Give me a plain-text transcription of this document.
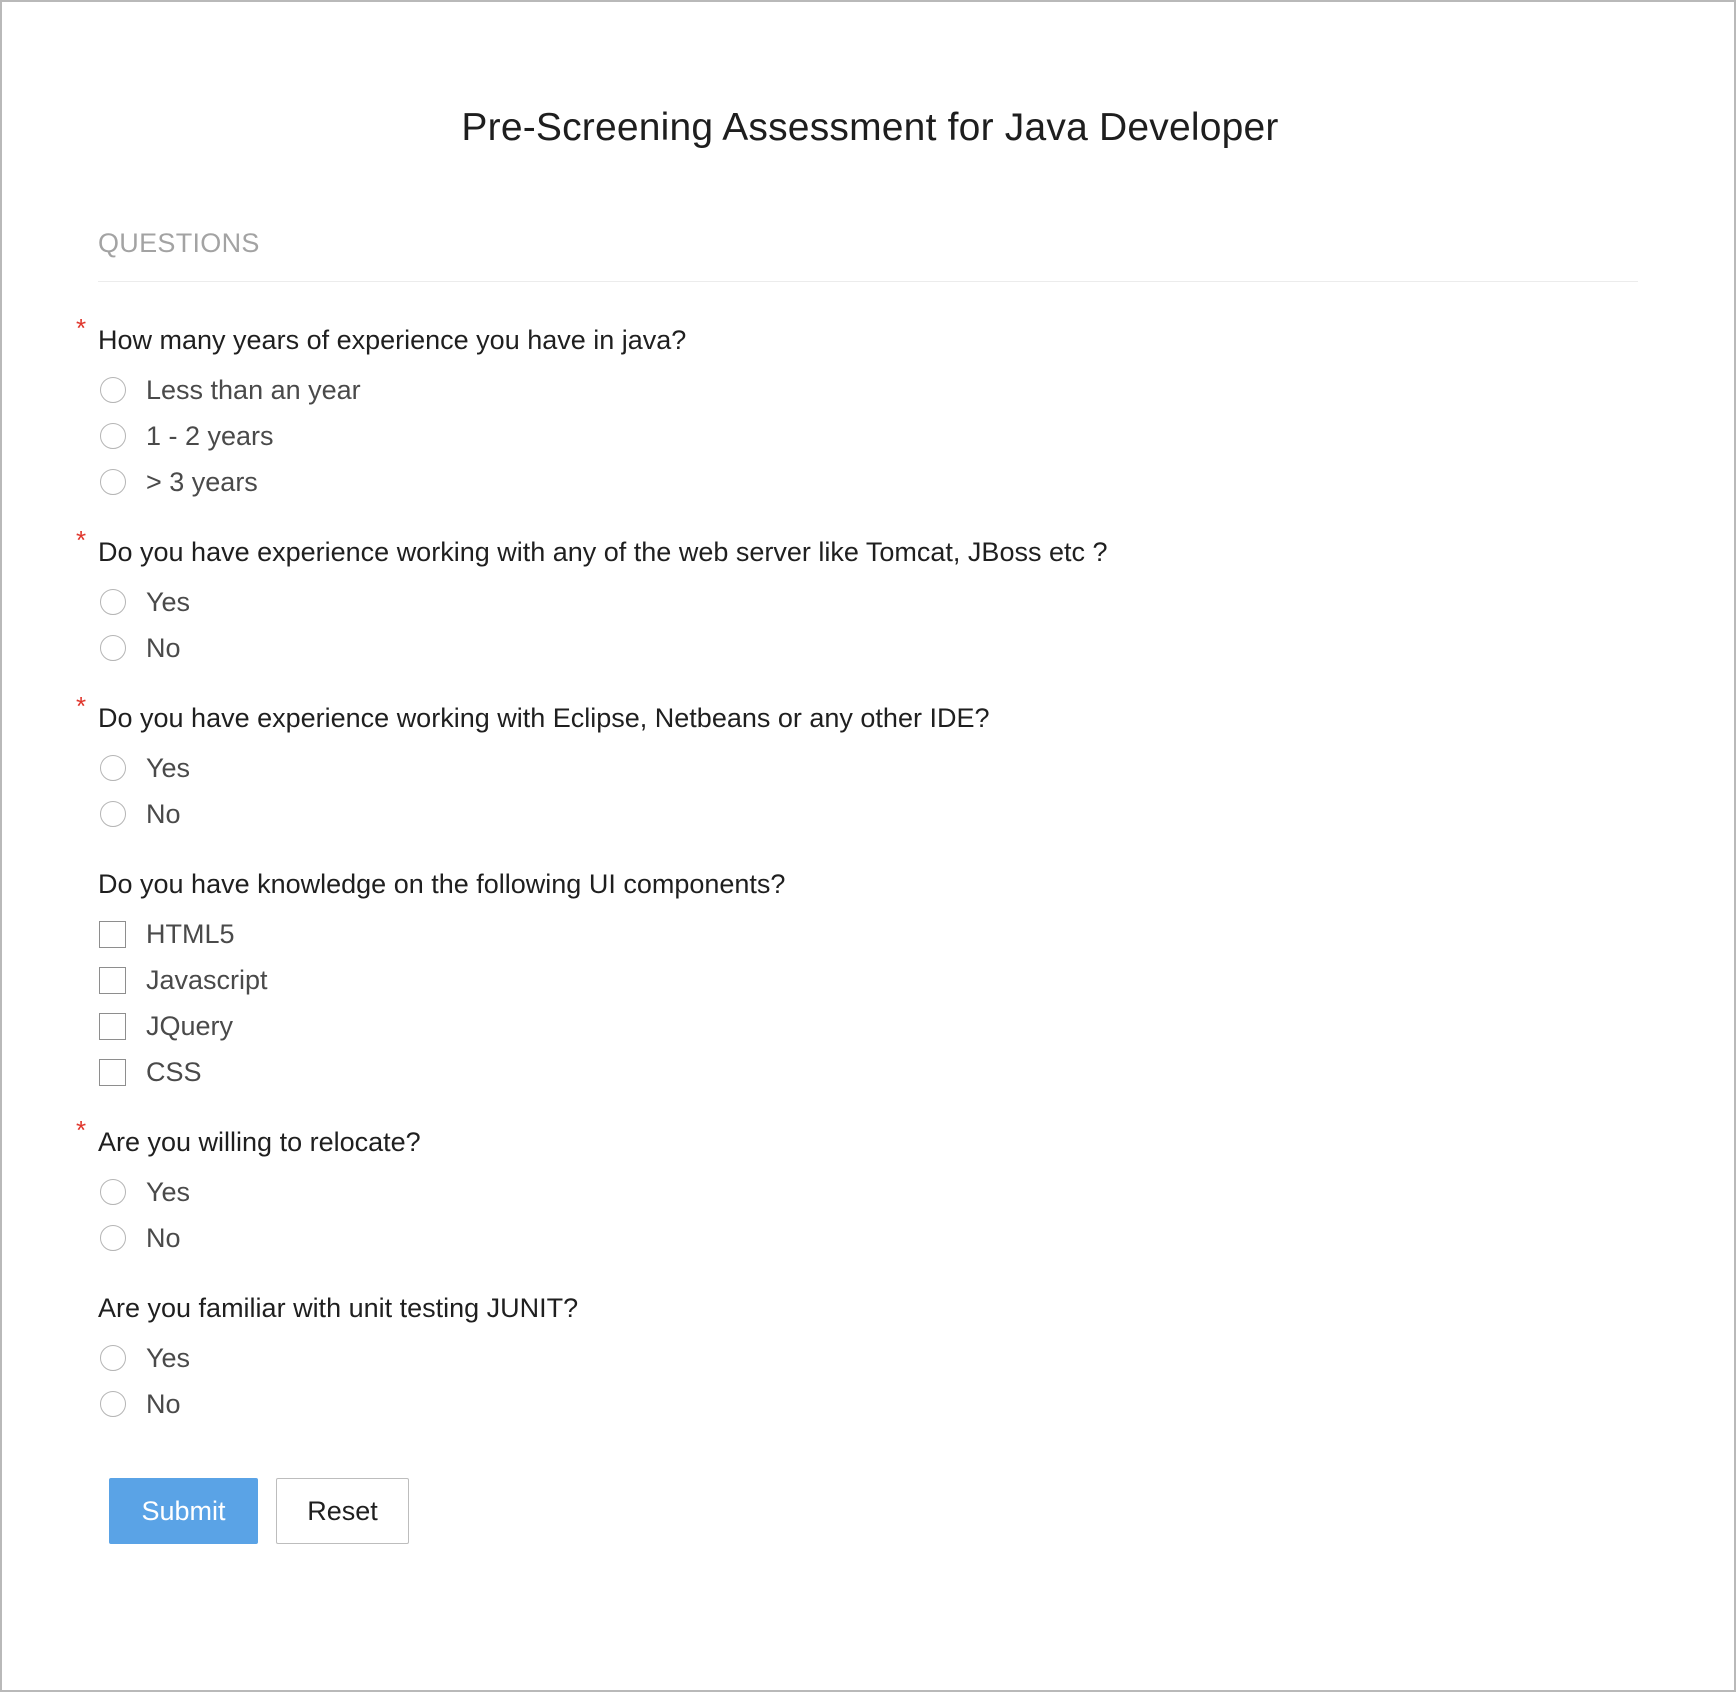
Pre-Screening Assessment for Java Developer
QUESTIONS
* How many years of experience you have in java?
Less than an year
1 - 2 years
> 3 years
* Do you have experience working with any of the web server like Tomcat, JBoss etc ?
Yes
No
* Do you have experience working with Eclipse, Netbeans or any other IDE?
Yes
No
Do you have knowledge on the following UI components?
HTML5
Javascript
JQuery
CSS
* Are you willing to relocate?
Yes
No
Are you familiar with unit testing JUNIT?
Yes
No
Submit	Reset
